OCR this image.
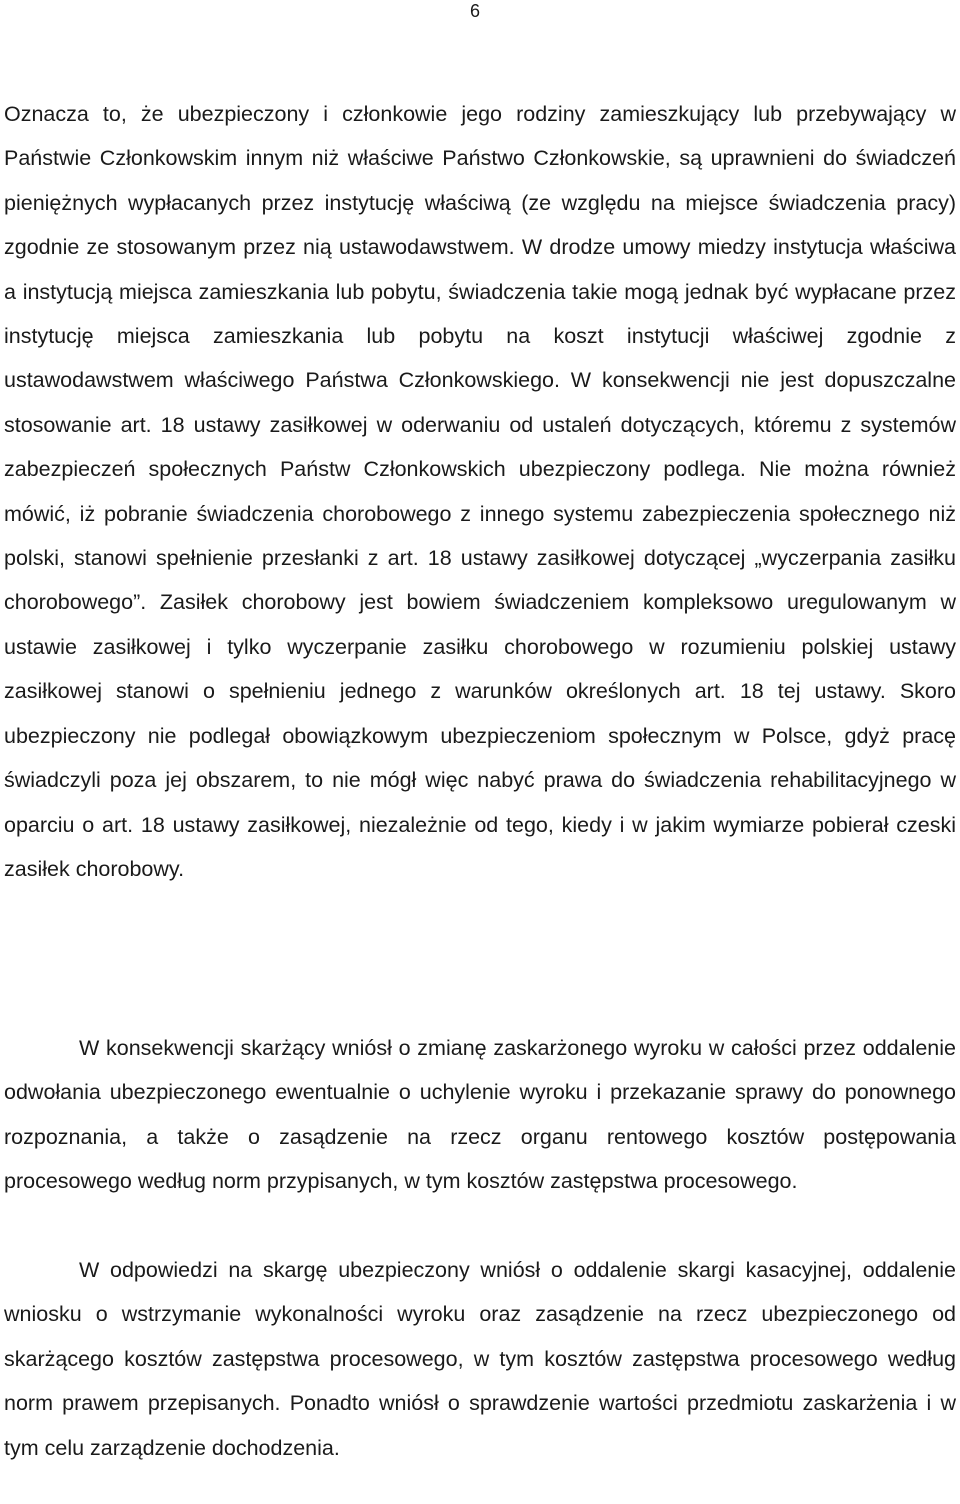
6

Oznacza to, że ubezpieczony i członkowie jego rodziny zamieszkujący lub przebywający w Państwie Członkowskim innym niż właściwe Państwo Członkowskie, są uprawnieni do świadczeń pieniężnych wypłacanych przez instytucję właściwą (ze względu na miejsce świadczenia pracy) zgodnie ze stosowanym przez nią ustawodawstwem. W drodze umowy miedzy instytucja właściwa a instytucją miejsca zamieszkania lub pobytu, świadczenia takie mogą jednak być wypłacane przez instytucję miejsca zamieszkania lub pobytu na koszt instytucji właściwej zgodnie z ustawodawstwem właściwego Państwa Członkowskiego. W konsekwencji nie jest dopuszczalne stosowanie art. 18 ustawy zasiłkowej w oderwaniu od ustaleń dotyczących, któremu z systemów zabezpieczeń społecznych Państw Członkowskich ubezpieczony podlega. Nie można również mówić, iż pobranie świadczenia chorobowego z innego systemu zabezpieczenia społecznego niż polski, stanowi spełnienie przesłanki z art. 18 ustawy zasiłkowej dotyczącej „wyczerpania zasiłku chorobowego”. Zasiłek chorobowy jest bowiem świadczeniem kompleksowo uregulowanym w ustawie zasiłkowej i tylko wyczerpanie zasiłku chorobowego w rozumieniu polskiej ustawy zasiłkowej stanowi o spełnieniu jednego z warunków określonych art. 18 tej ustawy. Skoro ubezpieczony nie podlegał obowiązkowym ubezpieczeniom społecznym w Polsce, gdyż pracę świadczyli poza jej obszarem, to nie mógł więc nabyć prawa do świadczenia rehabilitacyjnego w oparciu o art. 18 ustawy zasiłkowej, niezależnie od tego, kiedy i w jakim wymiarze pobierał czeski zasiłek chorobowy.

W konsekwencji skarżący wniósł o zmianę zaskarżonego wyroku w całości przez oddalenie odwołania ubezpieczonego ewentualnie o uchylenie wyroku i przekazanie sprawy do ponownego rozpoznania, a także o zasądzenie na rzecz organu rentowego kosztów postępowania procesowego według norm przypisanych, w tym kosztów zastępstwa procesowego.

W odpowiedzi na skargę ubezpieczony wniósł o oddalenie skargi kasacyjnej, oddalenie wniosku o wstrzymanie wykonalności wyroku oraz zasądzenie na rzecz ubezpieczonego od skarżącego kosztów zastępstwa procesowego, w tym kosztów zastępstwa procesowego według norm prawem przepisanych. Ponadto wniósł o sprawdzenie wartości przedmiotu zaskarżenia i w tym celu zarządzenie dochodzenia.
